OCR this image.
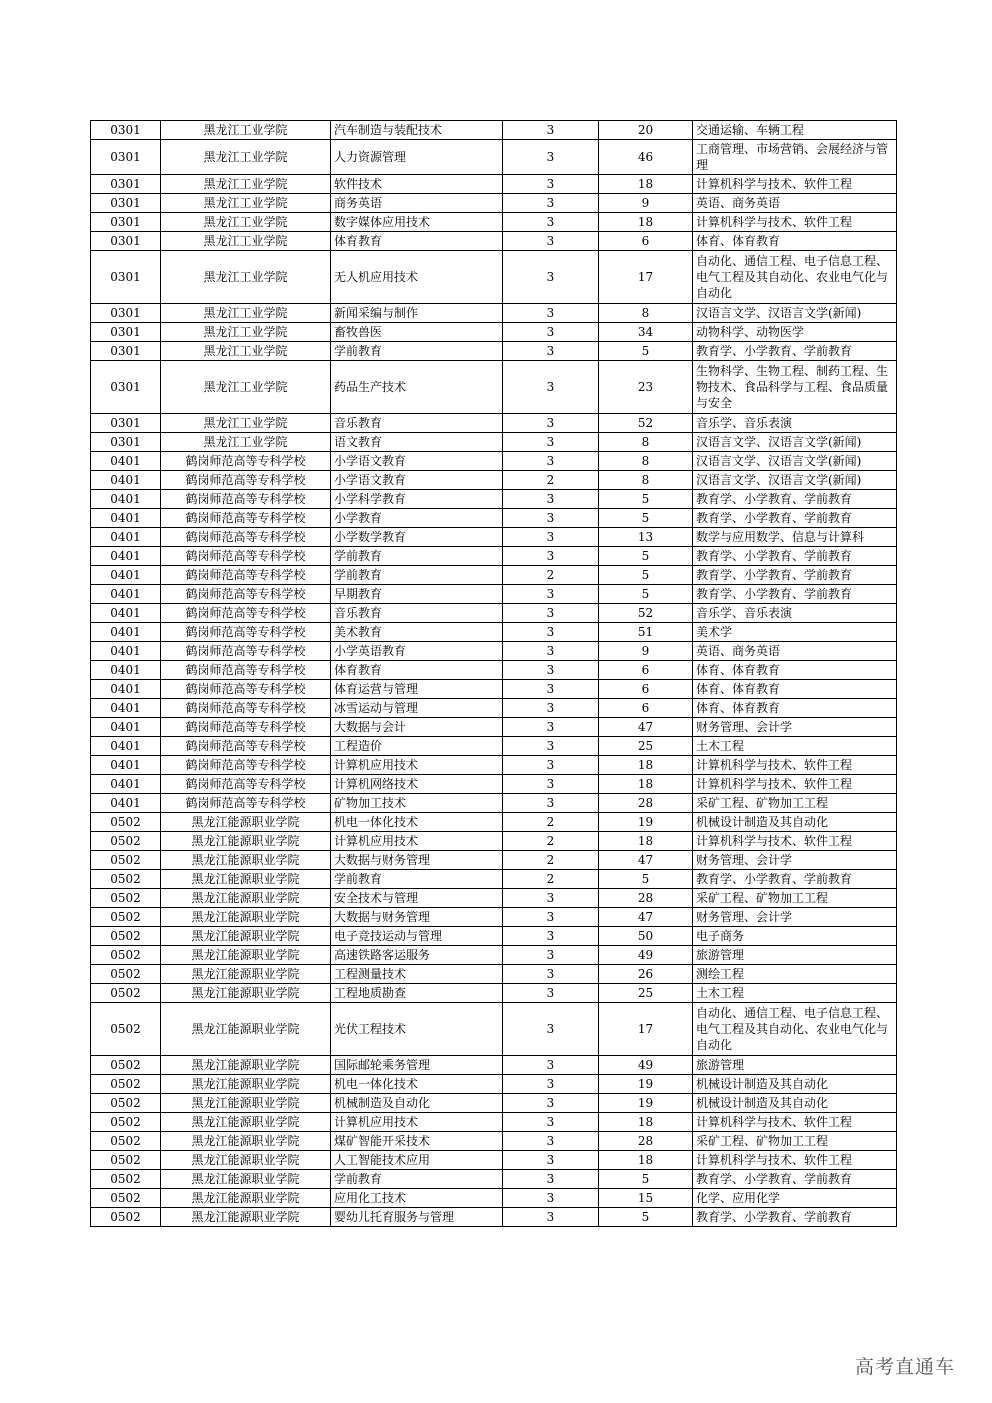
0301	黑龙江工业学院	汽车制造与装配技术	3	20	交通运输、车辆工程
0301	黑龙江工业学院	人力资源管理	3	46	工商管理、市场营销、会展经济与管理
0301	黑龙江工业学院	软件技术	3	18	计算机科学与技术、软件工程
0301	黑龙江工业学院	商务英语	3	9	英语、商务英语
0301	黑龙江工业学院	数字媒体应用技术	3	18	计算机科学与技术、软件工程
0301	黑龙江工业学院	体育教育	3	6	体育、体育教育
0301	黑龙江工业学院	无人机应用技术	3	17	自动化、通信工程、电子信息工程、电气工程及其自动化、农业电气化与自动化
0301	黑龙江工业学院	新闻采编与制作	3	8	汉语言文学、汉语言文学(新闻)
0301	黑龙江工业学院	畜牧兽医	3	34	动物科学、动物医学
0301	黑龙江工业学院	学前教育	3	5	教育学、小学教育、学前教育
0301	黑龙江工业学院	药品生产技术	3	23	生物科学、生物工程、制药工程、生物技术、食品科学与工程、食品质量与安全
0301	黑龙江工业学院	音乐教育	3	52	音乐学、音乐表演
0301	黑龙江工业学院	语文教育	3	8	汉语言文学、汉语言文学(新闻)
0401	鹤岗师范高等专科学校	小学语文教育	3	8	汉语言文学、汉语言文学(新闻)
0401	鹤岗师范高等专科学校	小学语文教育	2	8	汉语言文学、汉语言文学(新闻)
0401	鹤岗师范高等专科学校	小学科学教育	3	5	教育学、小学教育、学前教育
0401	鹤岗师范高等专科学校	小学教育	3	5	教育学、小学教育、学前教育
0401	鹤岗师范高等专科学校	小学数学教育	3	13	数学与应用数学、信息与计算科
0401	鹤岗师范高等专科学校	学前教育	3	5	教育学、小学教育、学前教育
0401	鹤岗师范高等专科学校	学前教育	2	5	教育学、小学教育、学前教育
0401	鹤岗师范高等专科学校	早期教育	3	5	教育学、小学教育、学前教育
0401	鹤岗师范高等专科学校	音乐教育	3	52	音乐学、音乐表演
0401	鹤岗师范高等专科学校	美术教育	3	51	美术学
0401	鹤岗师范高等专科学校	小学英语教育	3	9	英语、商务英语
0401	鹤岗师范高等专科学校	体育教育	3	6	体育、体育教育
0401	鹤岗师范高等专科学校	体育运营与管理	3	6	体育、体育教育
0401	鹤岗师范高等专科学校	冰雪运动与管理	3	6	体育、体育教育
0401	鹤岗师范高等专科学校	大数据与会计	3	47	财务管理、会计学
0401	鹤岗师范高等专科学校	工程造价	3	25	土木工程
0401	鹤岗师范高等专科学校	计算机应用技术	3	18	计算机科学与技术、软件工程
0401	鹤岗师范高等专科学校	计算机网络技术	3	18	计算机科学与技术、软件工程
0401	鹤岗师范高等专科学校	矿物加工技术	3	28	采矿工程、矿物加工工程
0502	黑龙江能源职业学院	机电一体化技术	2	19	机械设计制造及其自动化
0502	黑龙江能源职业学院	计算机应用技术	2	18	计算机科学与技术、软件工程
0502	黑龙江能源职业学院	大数据与财务管理	2	47	财务管理、会计学
0502	黑龙江能源职业学院	学前教育	2	5	教育学、小学教育、学前教育
0502	黑龙江能源职业学院	安全技术与管理	3	28	采矿工程、矿物加工工程
0502	黑龙江能源职业学院	大数据与财务管理	3	47	财务管理、会计学
0502	黑龙江能源职业学院	电子竞技运动与管理	3	50	电子商务
0502	黑龙江能源职业学院	高速铁路客运服务	3	49	旅游管理
0502	黑龙江能源职业学院	工程测量技术	3	26	测绘工程
0502	黑龙江能源职业学院	工程地质勘查	3	25	土木工程
0502	黑龙江能源职业学院	光伏工程技术	3	17	自动化、通信工程、电子信息工程、电气工程及其自动化、农业电气化与自动化
0502	黑龙江能源职业学院	国际邮轮乘务管理	3	49	旅游管理
0502	黑龙江能源职业学院	机电一体化技术	3	19	机械设计制造及其自动化
0502	黑龙江能源职业学院	机械制造及自动化	3	19	机械设计制造及其自动化
0502	黑龙江能源职业学院	计算机应用技术	3	18	计算机科学与技术、软件工程
0502	黑龙江能源职业学院	煤矿智能开采技术	3	28	采矿工程、矿物加工工程
0502	黑龙江能源职业学院	人工智能技术应用	3	18	计算机科学与技术、软件工程
0502	黑龙江能源职业学院	学前教育	3	5	教育学、小学教育、学前教育
0502	黑龙江能源职业学院	应用化工技术	3	15	化学、应用化学
0502	黑龙江能源职业学院	婴幼儿托育服务与管理	3	5	教育学、小学教育、学前教育
高考直通车
